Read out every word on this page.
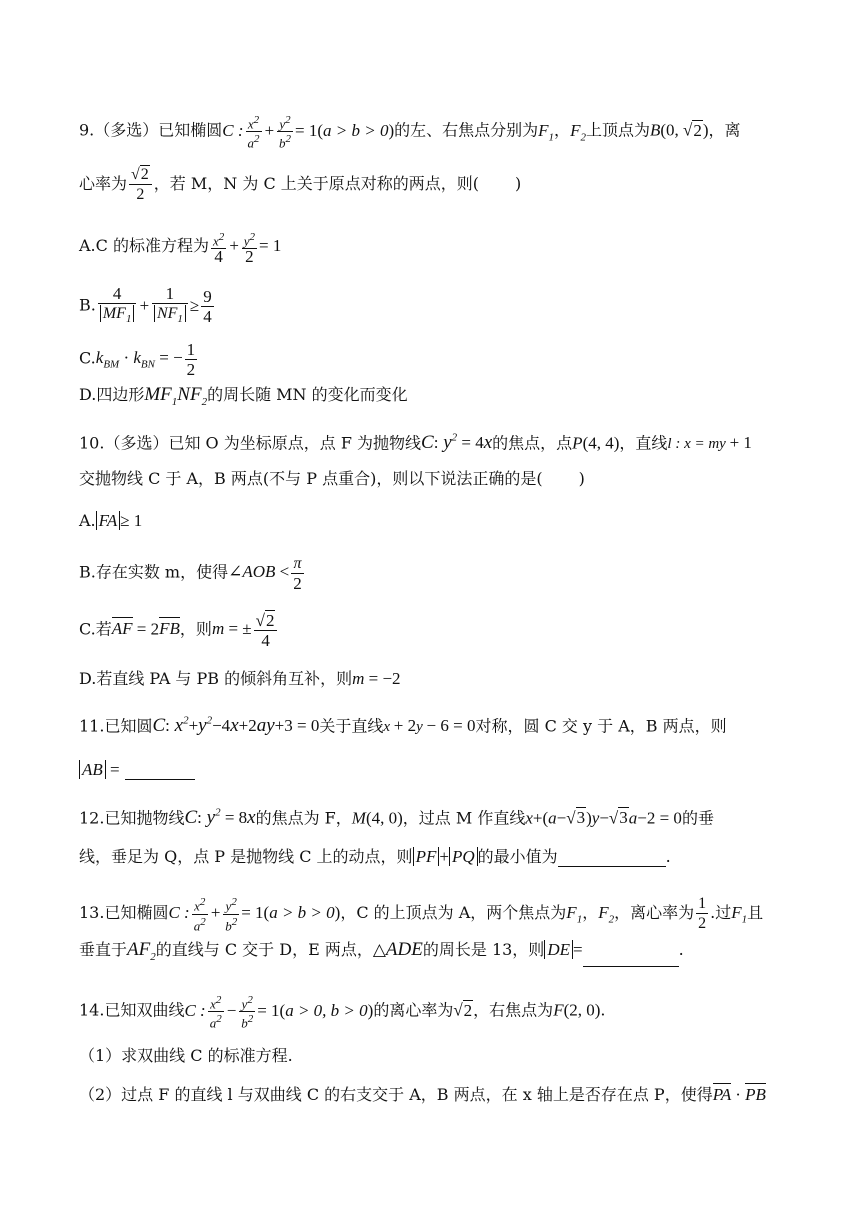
9.（多选）已知椭圆C : $\frac{x^2}{a^2} + \frac{y^2}{b^2} = 1(a > b > 0)$的左、右焦点分别为$F_1$，$F_2$上顶点为B(0, √2)，离
心率为 $\frac{√2}{2}$ ，若 M，N 为 C 上关于原点对称的两点，则( )
A.C 的标准方程为 $\frac{x^2}{4} + \frac{y^2}{2} = 1$
B. $\frac{4}{MF_1} + \frac{1}{NF_1} \ge \frac{9}{4}$
$C.k_{BM} \cdot k_{BN}$ = − $\frac{1}{2}$
D.四边形$MF_1NF_2$的周长随 MN 的变化而变化
10.（多选）已知 O 为坐标原点，点 F 为抛物线C: $y^2 = 4x$的焦点，点P(4, 4)，直线l : x = my + 1
交抛物线 C 于 A，B 两点(不与 P 点重合)，则以下说法正确的是( )
A. FA ≥ 1
B.存在实数 m，使得∠AOB < $\frac{\pi}{2}$
C.若AF = 2FB，则m = ± $\frac{√2}{4}$
D.若直线 PA 与 PB 的倾斜角互补，则m = −2
11.已知圆C: $x^2+y^2-4x+2ay+3 = 0$关于直线x + 2y − 6 = 0对称，圆 C 交 y 于 A，B 两点，则
AB =
12.已知抛物线C: $y^2 = 8x$的焦点为 F，M(4, 0)，过点 M 作直线x+(a−√3)y−√3a−2 = 0的垂
线，垂足为 Q，点 P 是抛物线 C 上的动点，则 PF + PQ 的最小值为	.
13.已知椭圆C : $\frac{x^2}{a^2} + \frac{y^2}{b^2} = 1(a > b > 0)$，C 的上顶点为 A，两个焦点为$F_1$，$F_2$，离心率为 $\frac{1}{2}$ .过$F_1$且
垂直于$AF_2$的直线与 C 交于 D，E 两点，△ADE的周长是 13，则 DE =	.
14.已知双曲线C : $\frac{x^2}{a^2} - \frac{y^2}{b^2} = 1(a > 0$, b > 0)的离心率为√2，右焦点为F(2, 0).
（1）求双曲线 C 的标准方程.
（2）过点 F 的直线 l 与双曲线 C 的右支交于 A，B 两点，在 x 轴上是否存在点 P，使得PA · PB
